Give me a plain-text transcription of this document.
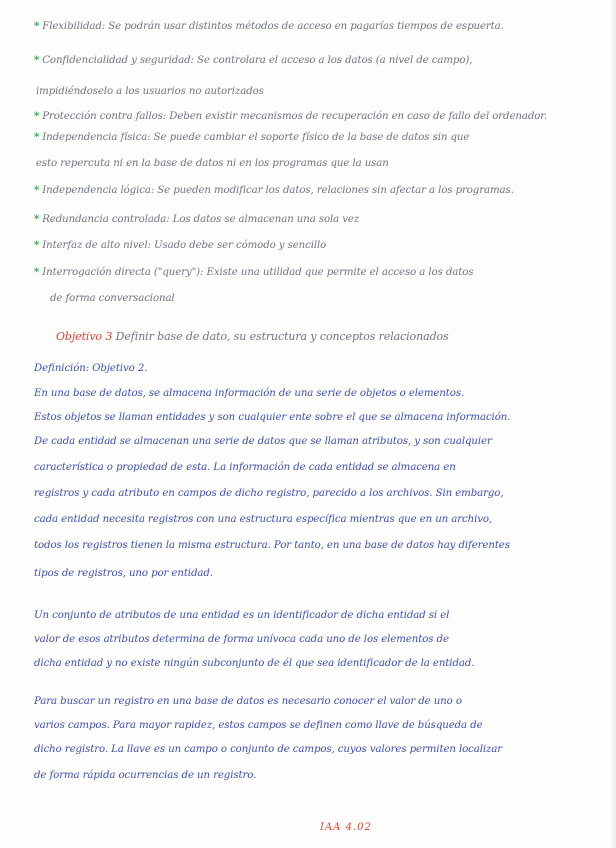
* Flexibilidad: Se podrán usar distintos métodos de acceso en pagarías tiempos de espuerta.
* Confidencialidad y seguridad: Se controlara el acceso a los datos (a nivel de campo),
impidiéndoselo a los usuarios no autorizados
* Protección contra fallos: Deben existir mecanismos de recuperación en caso de fallo del ordenador.
* Independencia física: Se puede cambiar el soporte físico de la base de datos sin que
esto repercuta ni en la base de datos ni en los programas que la usan
* Independencia lógica: Se pueden modificar los datos, relaciones sin afectar a los programas.
* Redundancia controlada: Los datos se almacenan una sola vez
* Interfaz de alto nivel: Usado debe ser cómodo y sencillo
* Interrogación directa ("query"): Existe una utilidad que permite el acceso a los datos
de forma conversacional
Objetivo 3 Definir base de dato, su estructura y conceptos relacionados
Definición: Objetivo 2.
En una base de datos, se almacena información de una serie de objetos o elementos.
Estos objetos se llaman entidades y son cualquier ente sobre el que se almacena información.
De cada entidad se almacenan una serie de datos que se llaman atributos, y son cualquier
característica o propiedad de esta. La información de cada entidad se almacena en
registros y cada atributo en campos de dicho registro, parecido a los archivos. Sin embargo,
cada entidad necesita registros con una estructura específica mientras que en un archivo,
todos los registros tienen la misma estructura. Por tanto, en una base de datos hay diferentes
tipos de registros, uno por entidad.
Un conjunto de atributos de una entidad es un identificador de dicha entidad si el
valor de esos atributos determina de forma unívoca cada uno de los elementos de
dicha entidad y no existe ningún subconjunto de él que sea identificador de la entidad.
Para buscar un registro en una base de datos es necesario conocer el valor de uno o
varios campos. Para mayor rapidez, estos campos se definen como llave de búsqueda de
dicho registro. La llave es un campo o conjunto de campos, cuyos valores permiten localizar
de forma rápida ocurrencias de un registro.
IAA 4.02
